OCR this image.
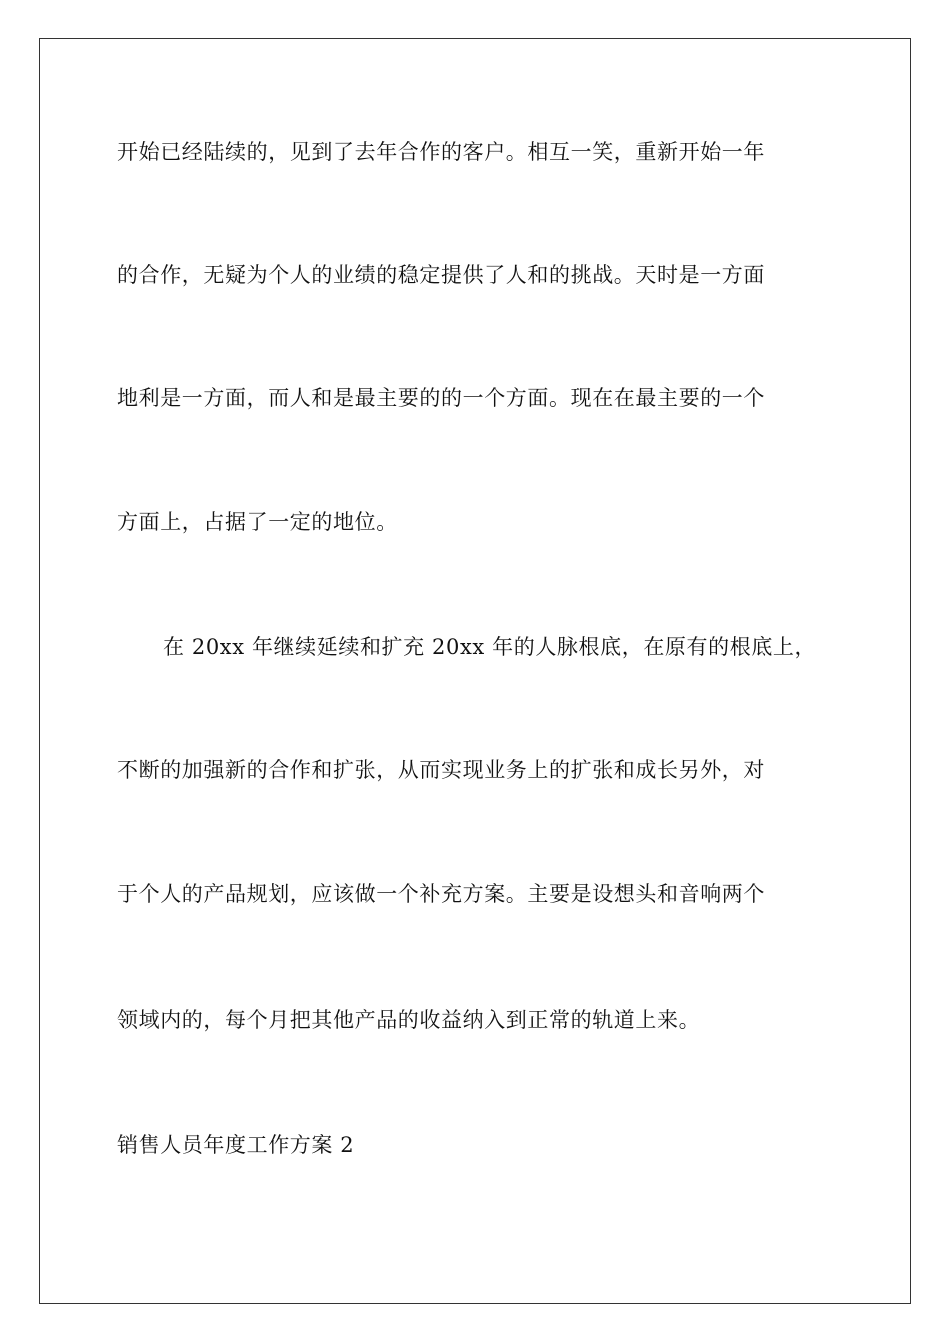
开始已经陆续的，见到了去年合作的客户。相互一笑，重新开始一年
的合作，无疑为个人的业绩的稳定提供了人和的挑战。天时是一方面
地利是一方面，而人和是最主要的的一个方面。现在在最主要的一个
方面上，占据了一定的地位。
在 20xx 年继续延续和扩充 20xx 年的人脉根底，在原有的根底上，
不断的加强新的合作和扩张，从而实现业务上的扩张和成长另外，对
于个人的产品规划，应该做一个补充方案。主要是设想头和音响两个
领域内的，每个月把其他产品的收益纳入到正常的轨道上来。
销售人员年度工作方案 2
